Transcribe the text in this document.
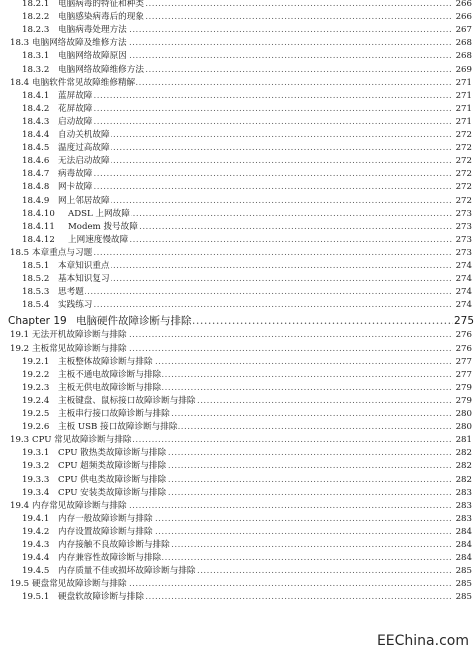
18.2.1 ..... 电脑病毒的特征和种类	266
18.2.2 ..... 电脑感染病毒后的现象	266
18.2.3 ..... 电脑病毒处理方法	267
18.3 ..... 电脑网络故障及维修方法	268
18.3.1 ..... 电脑网络故障原因	268
18.3.2 ..... 电脑网络故障维修方法	269
18.4 ..... 电脑软件常见故障维修精解	271
18.4.1 ..... 蓝屏故障	271
18.4.2 ..... 花屏故障	271
18.4.3 ..... 启动故障	271
18.4.4 ..... 自动关机故障	272
18.4.5 ..... 温度过高故障	272
18.4.6 ..... 无法启动故障	272
18.4.7 ..... 病毒故障	272
18.4.8 ..... 网卡故障	272
18.4.9 ..... 网上邻居故障	272
18.4.10 ..... ADSL 上网故障	273
18.4.11 ..... Modem 拨号故障	273
18.4.12 ..... 上网速度慢故障	273
18.5 ..... 本章重点与习题	273
18.5.1 ..... 本章知识重点	274
18.5.2 ..... 基本知识复习	274
18.5.3 ..... 思考题	274
18.5.4 ..... 实践练习	274
Chapter 19 ..... 电脑硬件故障诊断与排除	275
19.1 ..... 无法开机故障诊断与排除	276
19.2 ..... 主板常见故障诊断与排除	276
19.2.1 ..... 主板整体故障诊断与排除	277
19.2.2 ..... 主板不通电故障诊断与排除	277
19.2.3 ..... 主板无供电故障诊断与排除	279
19.2.4 ..... 主板键盘、鼠标接口故障诊断与排除	279
19.2.5 ..... 主板串行接口故障诊断与排除	280
19.2.6 ..... 主板 USB 接口故障诊断与排除	280
19.3 ..... CPU 常见故障诊断与排除	281
19.3.1 ..... CPU 散热类故障诊断与排除	282
19.3.2 ..... CPU 超频类故障诊断与排除	282
19.3.3 ..... CPU 供电类故障诊断与排除	282
19.3.4 ..... CPU 安装类故障诊断与排除	283
19.4 ..... 内存常见故障诊断与排除	283
19.4.1 ..... 内存一般故障诊断与排除	283
19.4.2 ..... 内存设置故障诊断与排除	284
19.4.3 ..... 内存接触不良故障诊断与排除	284
19.4.4 ..... 内存兼容性故障诊断与排除	284
19.4.5 ..... 内存质量不佳或损坏故障诊断与排除	285
19.5 ..... 硬盘常见故障诊断与排除	285
19.5.1 ..... 硬盘软故障诊断与排除	285
EEChina.com
